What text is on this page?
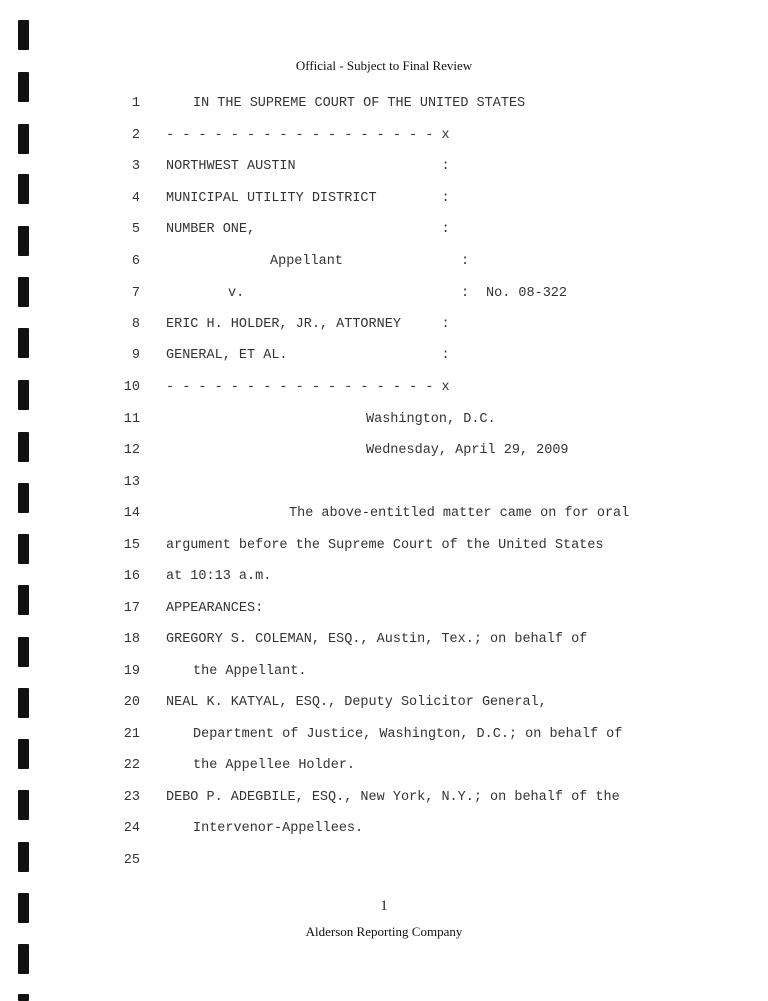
Official - Subject to Final Review
1	IN THE SUPREME COURT OF THE UNITED STATES
2 - - - - - - - - - - - - - - - - - x
3 NORTHWEST AUSTIN                  :
4 MUNICIPAL UTILITY DISTRICT        :
5 NUMBER ONE,                       :
6	Appellant	:
7	v.	: No. 08-322
8 ERIC H. HOLDER, JR., ATTORNEY     :
9 GENERAL, ET AL.                   :
10 - - - - - - - - - - - - - - - - - x
11	Washington, D.C.
12	Wednesday, April 29, 2009
13
14	The above-entitled matter came on for oral
15 argument before the Supreme Court of the United States
16 at 10:13 a.m.
17 APPEARANCES:
18 GREGORY S. COLEMAN, ESQ., Austin, Tex.; on behalf of
19	the Appellant.
20 NEAL K. KATYAL, ESQ., Deputy Solicitor General,
21	Department of Justice, Washington, D.C.; on behalf of
22	the Appellee Holder.
23 DEBO P. ADEGBILE, ESQ., New York, N.Y.; on behalf of the
24	Intervenor-Appellees.
25
1
Alderson Reporting Company
